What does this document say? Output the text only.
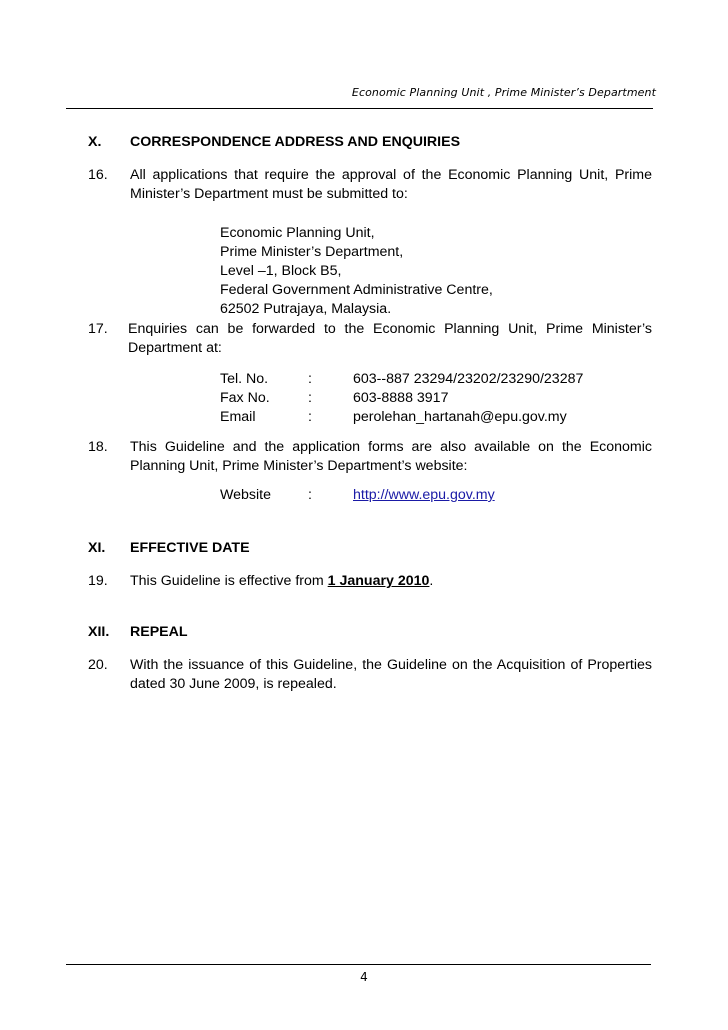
Economic Planning Unit , Prime Minister’s Department
X. CORRESPONDENCE ADDRESS AND ENQUIRIES
16. All applications that require the approval of the Economic Planning Unit, Prime Minister’s Department must be submitted to:
Economic Planning Unit,
Prime Minister’s Department,
Level –1, Block B5,
Federal Government Administrative Centre,
62502 Putrajaya, Malaysia.
17. Enquiries can be forwarded to the Economic Planning Unit, Prime Minister’s Department at:
Tel. No.	:	603--887 23294/23202/23290/23287
Fax No.	:	603-8888 3917
Email	:	perolehan_hartanah@epu.gov.my
18. This Guideline and the application forms are also available on the Economic Planning Unit, Prime Minister’s Department’s website:
Website	:	http://www.epu.gov.my
XI. EFFECTIVE DATE
19. This Guideline is effective from 1 January 2010.
XII. REPEAL
20. With the issuance of this Guideline, the Guideline on the Acquisition of Properties dated 30 June 2009, is repealed.
4
